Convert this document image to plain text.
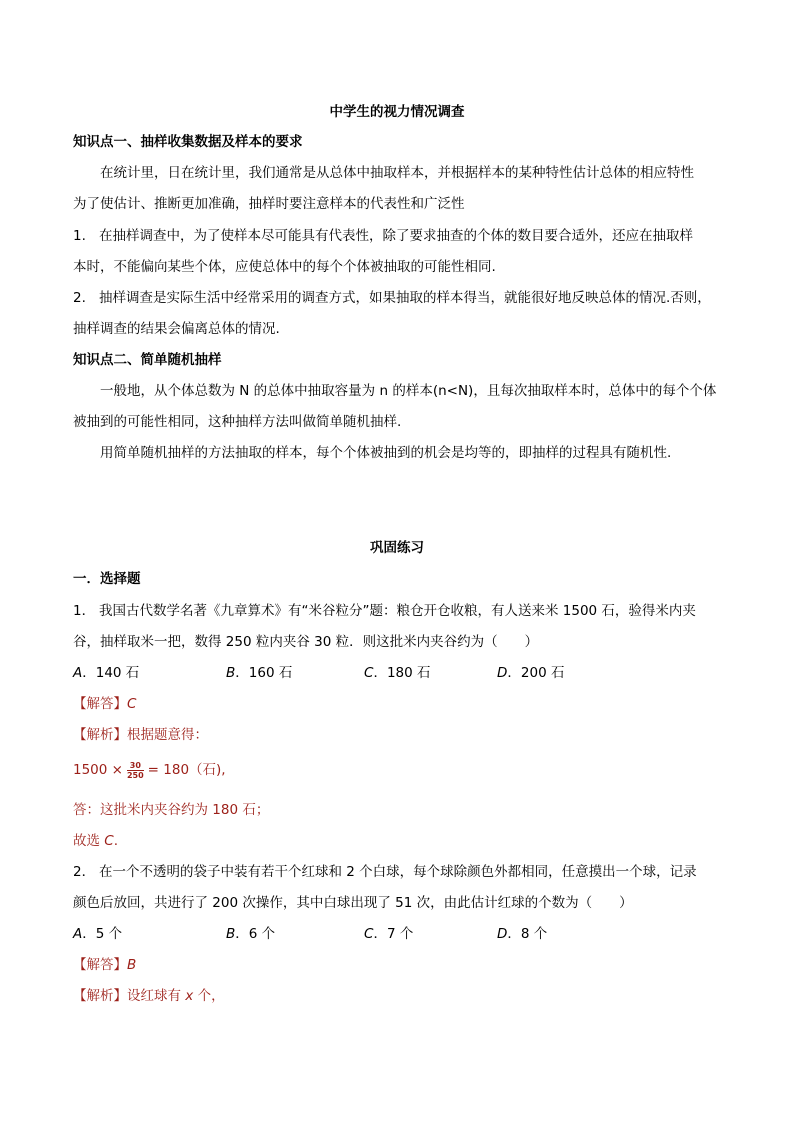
中学生的视力情况调查
知识点一、抽样收集数据及样本的要求
在统计里，日在统计里，我们通常是从总体中抽取样本，并根据样本的某种特性估计总体的相应特性
为了使估计、推断更加准确，抽样时要注意样本的代表性和广泛性
1. 在抽样调查中，为了使样本尽可能具有代表性，除了要求抽查的个体的数目要合适外，还应在抽取样
本时，不能偏向某些个体，应使总体中的每个个体被抽取的可能性相同.
2. 抽样调查是实际生活中经常采用的调查方式，如果抽取的样本得当，就能很好地反映总体的情况.否则，
抽样调查的结果会偏离总体的情况.
知识点二、简单随机抽样
一般地，从个体总数为 N 的总体中抽取容量为 n 的样本(n<N)，且每次抽取样本时，总体中的每个个体
被抽到的可能性相同，这种抽样方法叫做简单随机抽样.
用简单随机抽样的方法抽取的样本，每个个体被抽到的机会是均等的，即抽样的过程具有随机性.
巩固练习
一．选择题
1． 我国古代数学名著《九章算术》有“米谷粒分”题：粮仓开仓收粮，有人送来米 1500 石，验得米内夹
谷，抽样取米一把，数得 250 粒内夹谷 30 粒．则这批米内夹谷约为（　　）
A．140 石	B．160 石	C．180 石	D．200 石
【解答】C
【解析】根据题意得：
$1500 \times \frac{30}{250} = 180$（石),
答：这批米内夹谷约为 180 石；
故选 C.
2． 在一个不透明的袋子中装有若干个红球和 2 个白球，每个球除颜色外都相同，任意摸出一个球，记录
颜色后放回，共进行了 200 次操作，其中白球出现了 51 次，由此估计红球的个数为（　　）
A．5 个	B．6 个	C．7 个	D．8 个
【解答】B
【解析】设红球有 x 个，
